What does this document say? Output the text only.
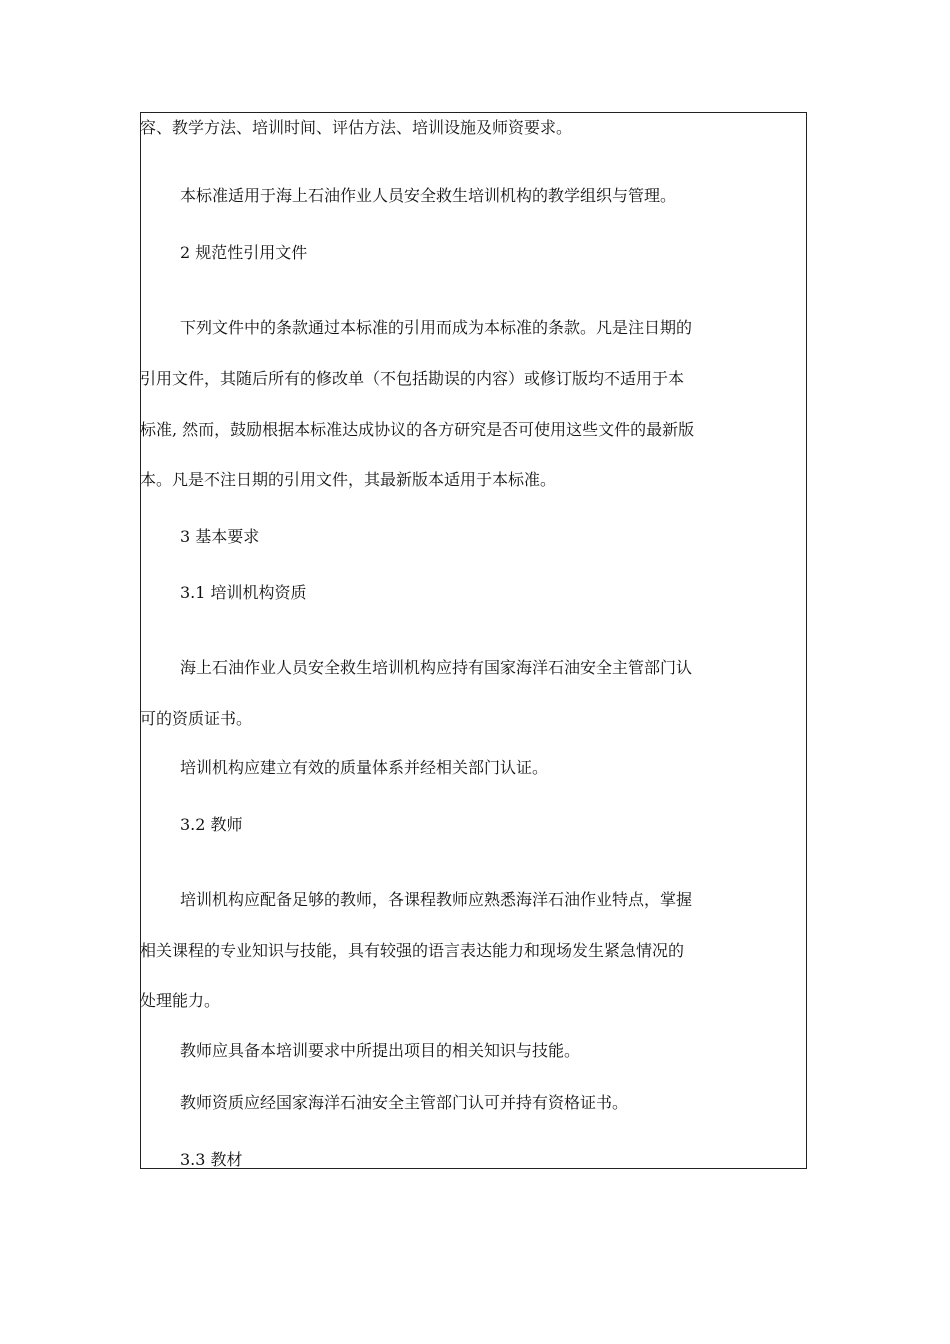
容、教学方法、培训时间、评估方法、培训设施及师资要求。
本标准适用于海上石油作业人员安全救生培训机构的教学组织与管理。
2 规范性引用文件
下列文件中的条款通过本标准的引用而成为本标准的条款。凡是注日期的
引用文件，其随后所有的修改单（不包括勘误的内容）或修订版均不适用于本
标准, 然而，鼓励根据本标准达成协议的各方研究是否可使用这些文件的最新版
本。凡是不注日期的引用文件，其最新版本适用于本标准。
3 基本要求
3.1 培训机构资质
海上石油作业人员安全救生培训机构应持有国家海洋石油安全主管部门认
可的资质证书。
培训机构应建立有效的质量体系并经相关部门认证。
3.2 教师
培训机构应配备足够的教师，各课程教师应熟悉海洋石油作业特点，掌握
相关课程的专业知识与技能，具有较强的语言表达能力和现场发生紧急情况的
处理能力。
教师应具备本培训要求中所提出项目的相关知识与技能。
教师资质应经国家海洋石油安全主管部门认可并持有资格证书。
3.3 教材
